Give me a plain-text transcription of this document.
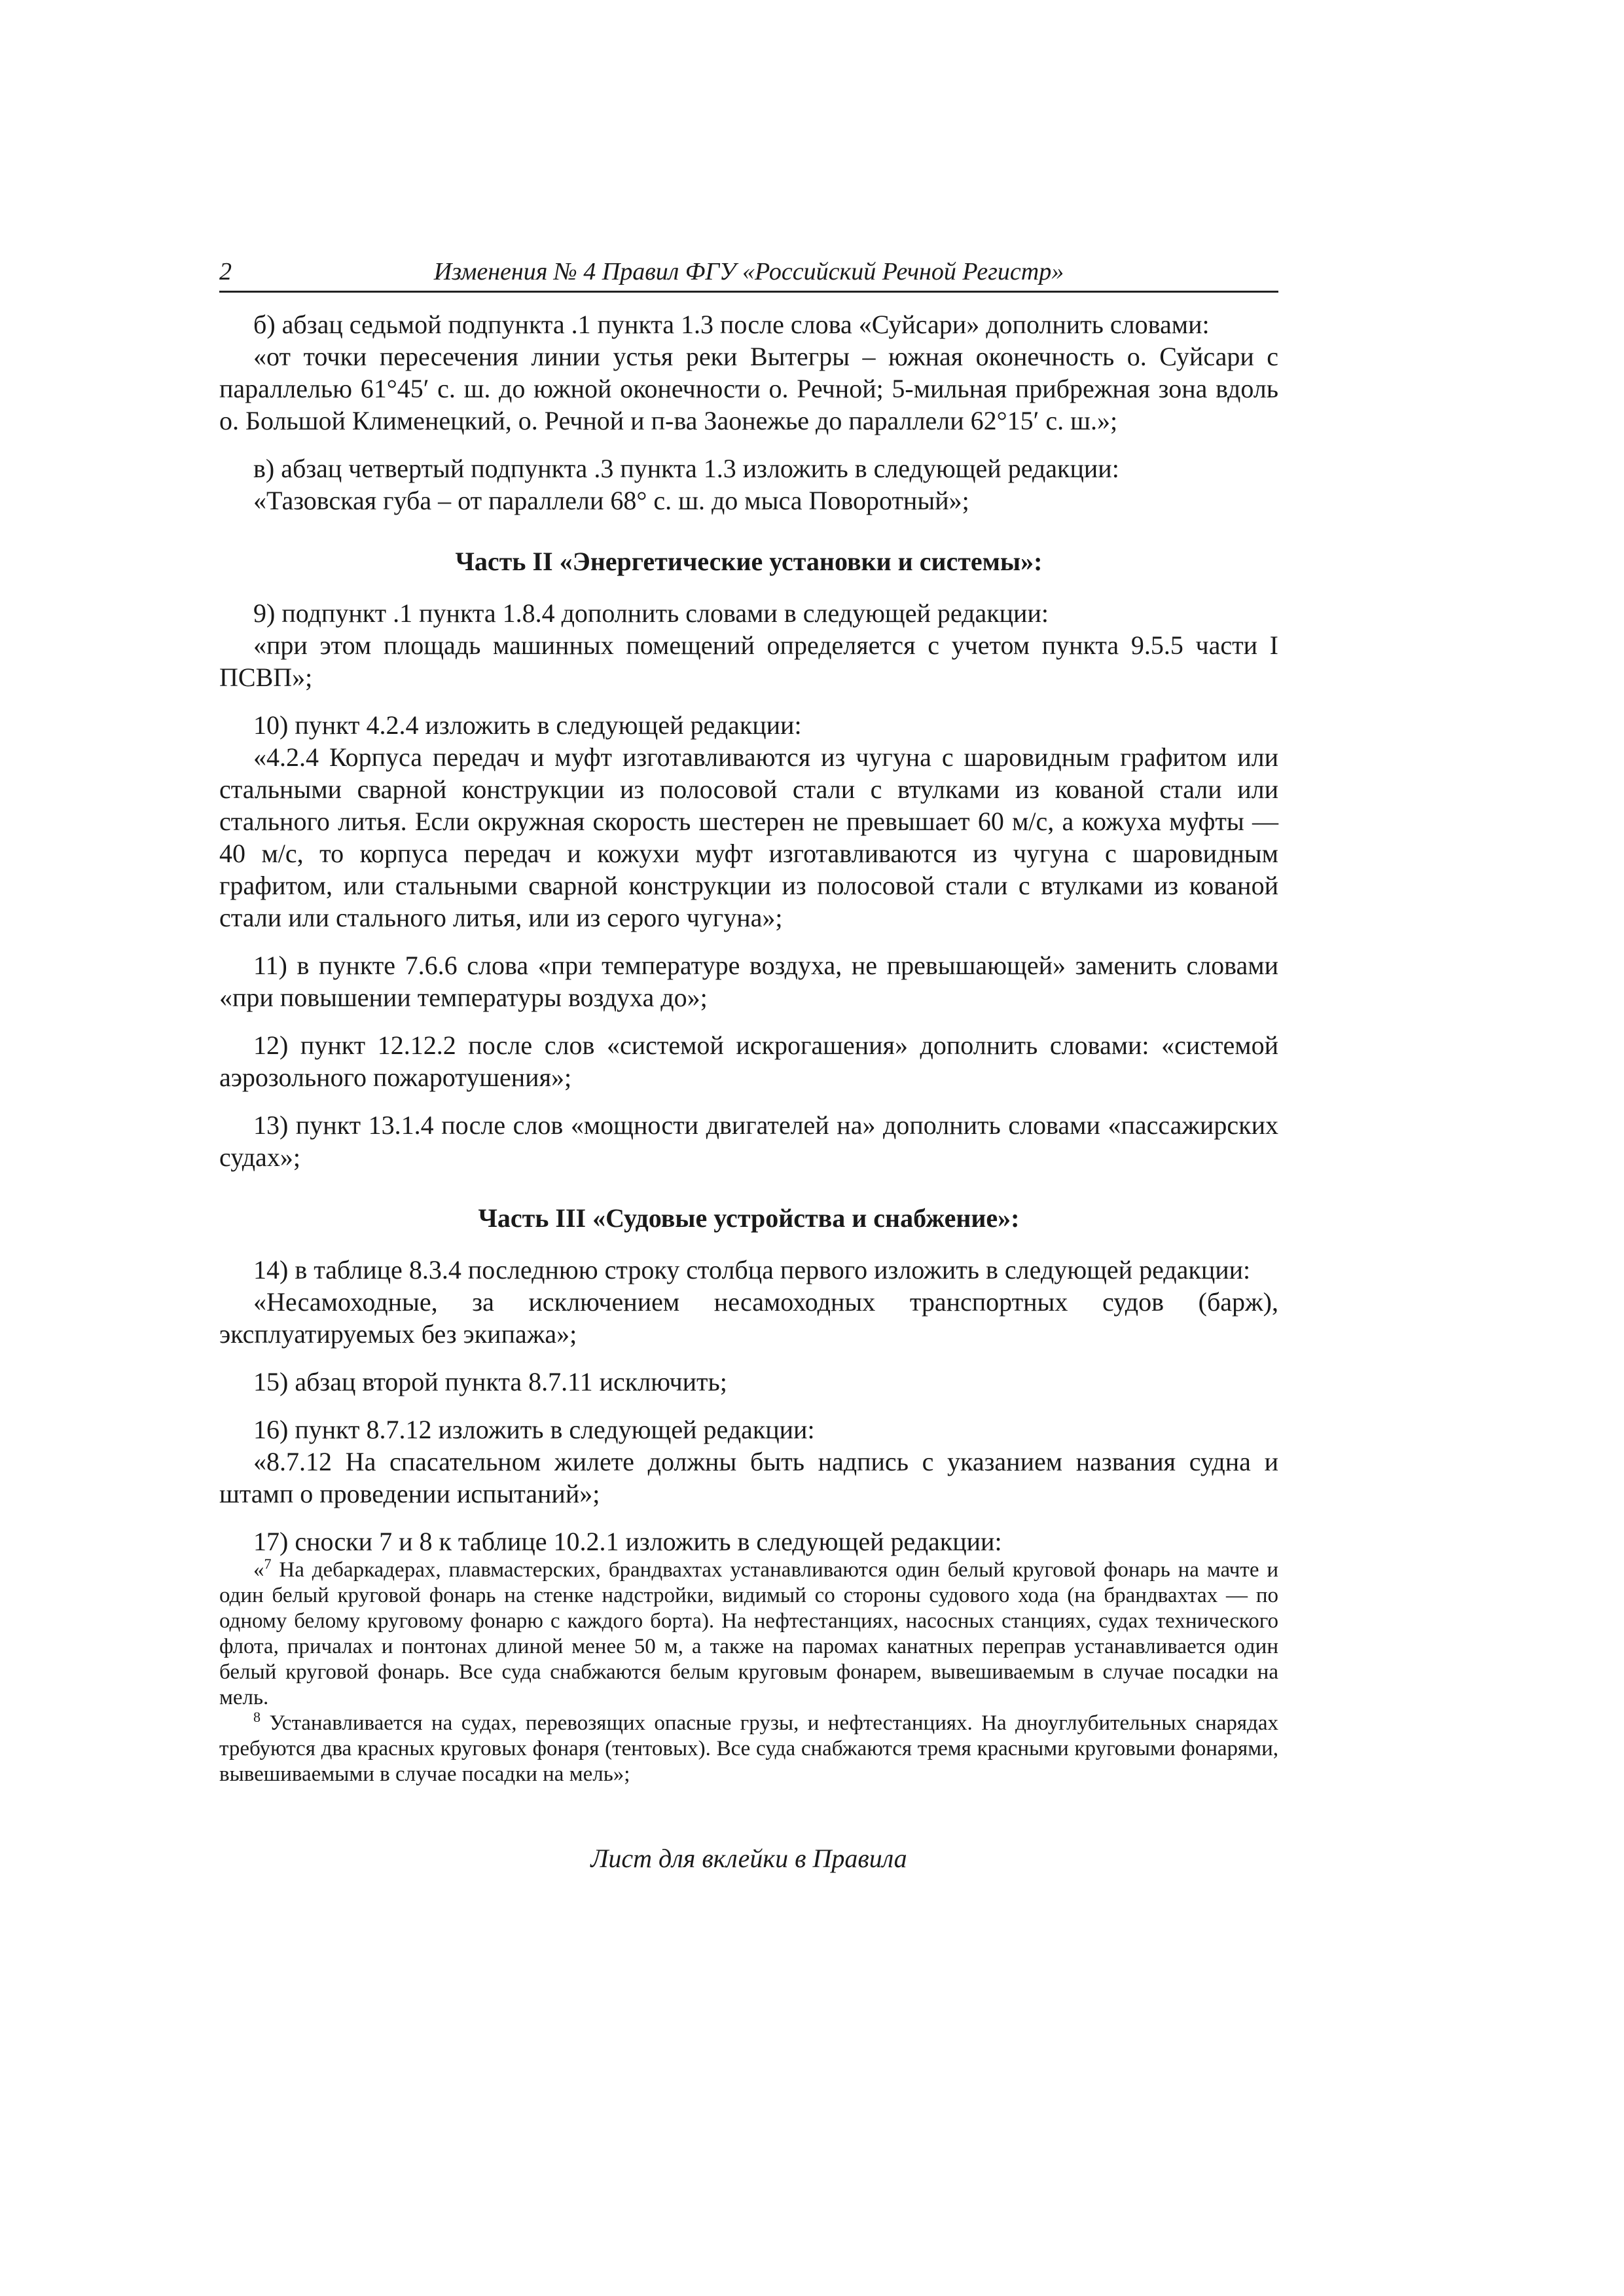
2	Изменения № 4 Правил ФГУ «Российский Речной Регистр»

б) абзац седьмой подпункта .1 пункта 1.3 после слова «Суйсари» дополнить словами:

«от точки пересечения линии устья реки Вытегры – южная оконечность о. Суйсари с параллелью 61°45′ с. ш. до южной оконечности о. Речной; 5-мильная прибрежная зона вдоль о. Большой Клименецкий, о. Речной и п-ва Заонежье до параллели 62°15′ с. ш.»;

в) абзац четвертый подпункта .3 пункта 1.3 изложить в следующей редакции:

«Тазовская губа – от параллели 68° с. ш. до мыса Поворотный»;

Часть II «Энергетические установки и системы»:

9) подпункт .1 пункта 1.8.4 дополнить словами в следующей редакции:

«при этом площадь машинных помещений определяется с учетом пункта 9.5.5 части I ПСВП»;

10) пункт 4.2.4 изложить в следующей редакции:

«4.2.4 Корпуса передач и муфт изготавливаются из чугуна с шаровидным графитом или стальными сварной конструкции из полосовой стали с втулками из кованой стали или стального литья. Если окружная скорость шестерен не превышает 60 м/с, а кожуха муфты — 40 м/с, то корпуса передач и кожухи муфт изготавливаются из чугуна с шаровидным графитом, или стальными сварной конструкции из полосовой стали с втулками из кованой стали или стального литья, или из серого чугуна»;

11) в пункте 7.6.6 слова «при температуре воздуха, не превышающей» заменить словами «при повышении температуры воздуха до»;

12) пункт 12.12.2 после слов «системой искрогашения» дополнить словами: «системой аэрозольного пожаротушения»;

13) пункт 13.1.4 после слов «мощности двигателей на» дополнить словами «пассажирских судах»;

Часть III «Судовые устройства и снабжение»:

14) в таблице 8.3.4 последнюю строку столбца первого изложить в следующей редакции:

«Несамоходные, за исключением несамоходных транспортных судов (барж), эксплуатируемых без экипажа»;

15) абзац второй пункта 8.7.11 исключить;

16) пункт 8.7.12 изложить в следующей редакции:

«8.7.12 На спасательном жилете должны быть надпись с указанием названия судна и штамп о проведении испытаний»;

17) сноски 7 и 8 к таблице 10.2.1 изложить в следующей редакции:

«$^7$ На дебаркадерах, плавмастерских, брандвахтах устанавливаются один белый круговой фонарь на мачте и один белый круговой фонарь на стенке надстройки, видимый со стороны судового хода (на брандвахтах — по одному белому круговому фонарю с каждого борта). На нефтестанциях, насосных станциях, судах технического флота, причалах и понтонах длиной менее 50 м, а также на паромах канатных переправ устанавливается один белый круговой фонарь. Все суда снабжаются белым круговым фонарем, вывешиваемым в случае посадки на мель.

$^8$ Устанавливается на судах, перевозящих опасные грузы, и нефтестанциях. На дноуглубительных снарядах требуются два красных круговых фонаря (тентовых). Все суда снабжаются тремя красными круговыми фонарями, вывешиваемыми в случае посадки на мель»;

Лист для вклейки в Правила
